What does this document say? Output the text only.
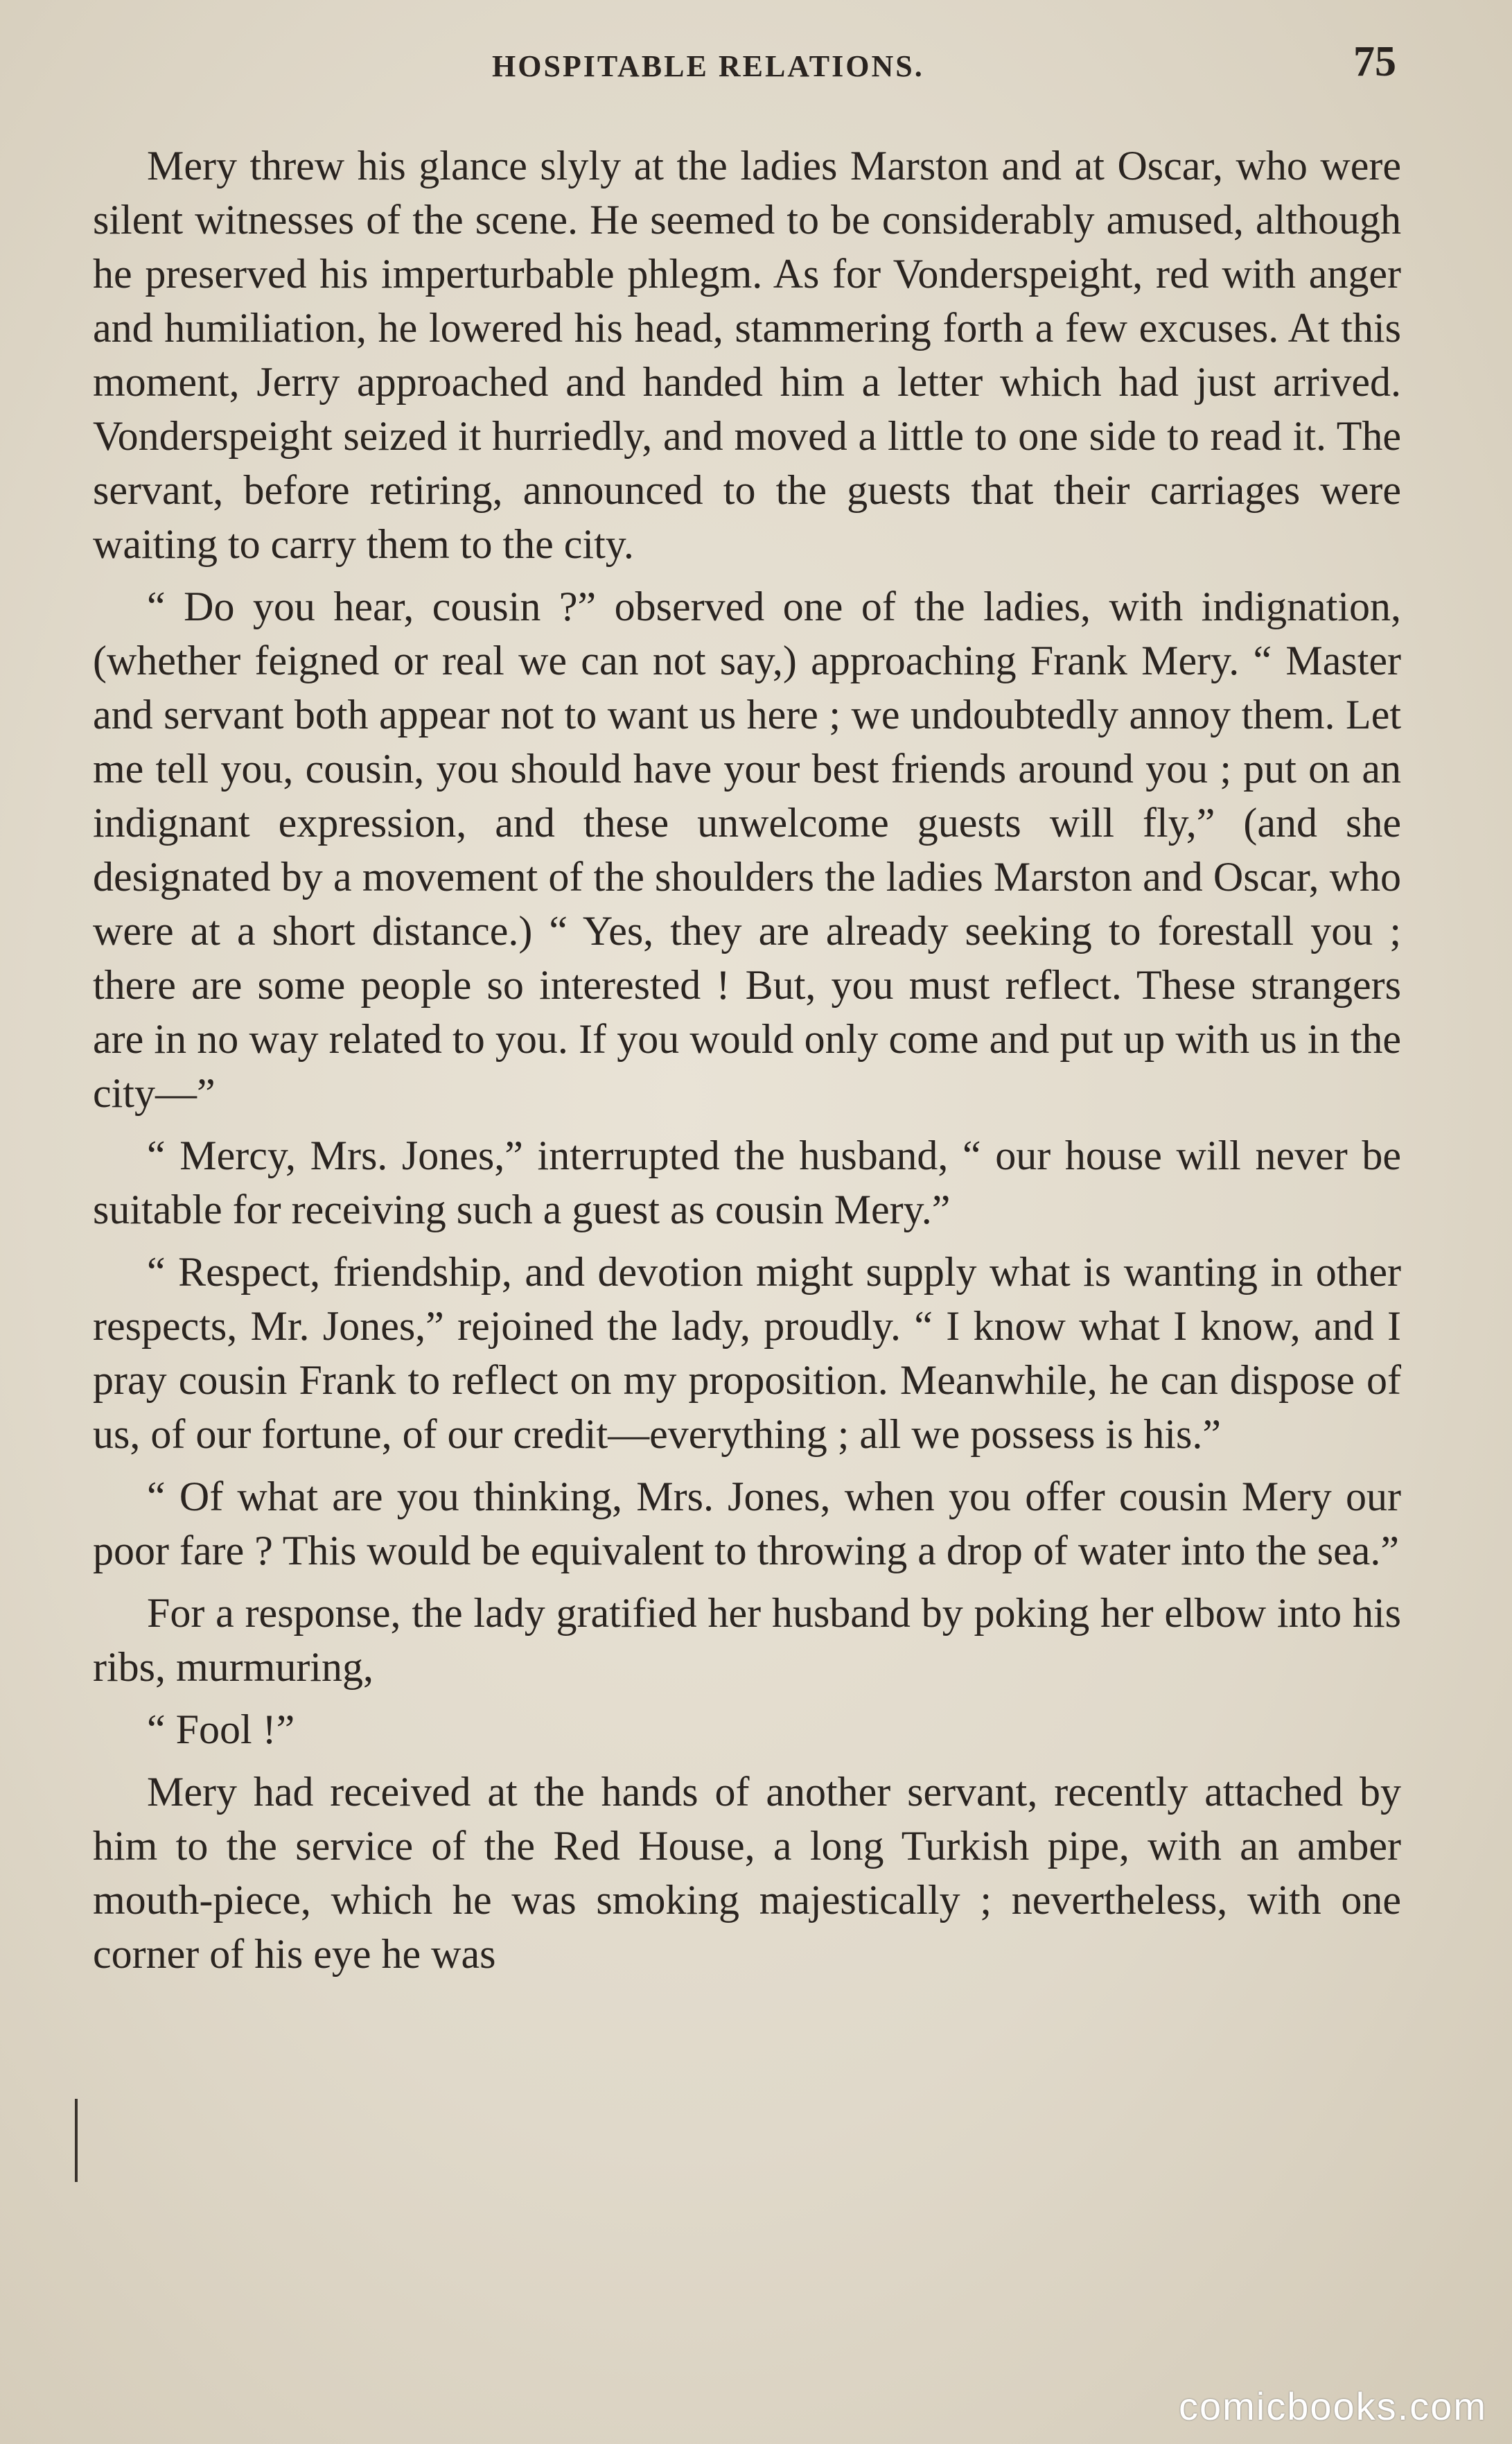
HOSPITABLE RELATIONS.	75

Mery threw his glance slyly at the ladies Marston and at Oscar, who were silent witnesses of the scene. He seemed to be considerably amused, although he preserved his imperturbable phlegm. As for Vonderspeight, red with anger and humiliation, he lowered his head, stammering forth a few excuses. At this moment, Jerry approached and handed him a letter which had just arrived. Vonderspeight seized it hurriedly, and moved a little to one side to read it. The servant, before retiring, announced to the guests that their carriages were waiting to carry them to the city.

“ Do you hear, cousin ?” observed one of the ladies, with indignation, (whether feigned or real we can not say,) approaching Frank Mery. “ Master and servant both appear not to want us here ; we undoubtedly annoy them. Let me tell you, cousin, you should have your best friends around you ; put on an indignant expression, and these unwelcome guests will fly,” (and she designated by a movement of the shoulders the ladies Marston and Oscar, who were at a short distance.) “ Yes, they are already seeking to forestall you ; there are some people so interested ! But, you must reflect. These strangers are in no way related to you. If you would only come and put up with us in the city—”

“ Mercy, Mrs. Jones,” interrupted the husband, “ our house will never be suitable for receiving such a guest as cousin Mery.”

“ Respect, friendship, and devotion might supply what is wanting in other respects, Mr. Jones,” rejoined the lady, proudly. “ I know what I know, and I pray cousin Frank to reflect on my proposition. Meanwhile, he can dispose of us, of our fortune, of our credit—everything ; all we possess is his.”

“ Of what are you thinking, Mrs. Jones, when you offer cousin Mery our poor fare ? This would be equivalent to throwing a drop of water into the sea.”

For a response, the lady gratified her husband by poking her elbow into his ribs, murmuring,

“ Fool !”

Mery had received at the hands of another servant, recently attached by him to the service of the Red House, a long Turkish pipe, with an amber mouth-piece, which he was smoking majestically ; nevertheless, with one corner of his eye he was

comicbooks.com
